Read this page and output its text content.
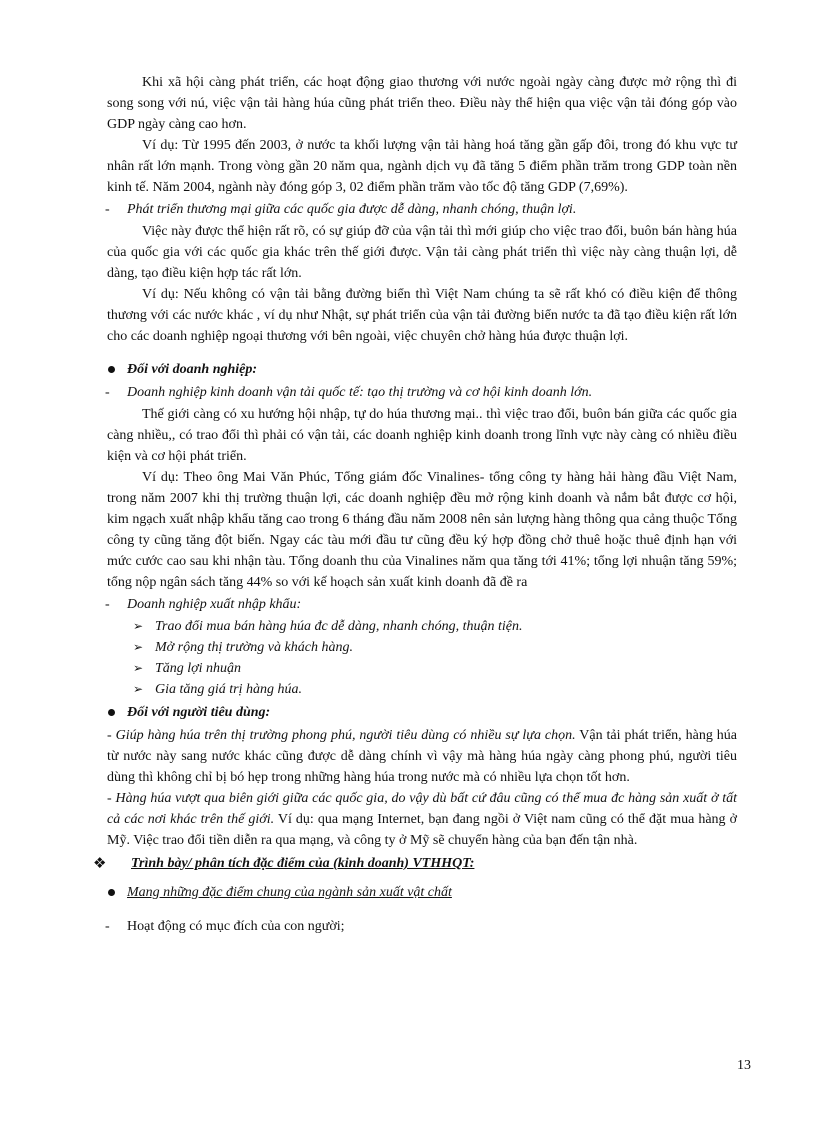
Khi xã hội càng phát triển, các hoạt động giao thương với nước ngoài ngày càng được mở rộng thì đi song song với nú, việc vận tải hàng húa cũng phát triển theo. Điều này thể hiện qua việc vận tải đóng góp vào GDP ngày càng cao hơn.

Ví dụ: Từ 1995 đến 2003, ở nước ta khối lượng vận tải hàng hoá tăng gần gấp đôi, trong đó khu vực tư nhân rất lớn mạnh. Trong vòng gần 20 năm qua, ngành dịch vụ đã tăng 5 điểm phần trăm trong GDP toàn nền kinh tế. Năm 2004, ngành này đóng góp 3, 02 điểm phần trăm vào tốc độ tăng GDP (7,69%).

- Phát triển thương mại giữa các quốc gia được dễ dàng, nhanh chóng, thuận lợi.

Việc này được thể hiện rất rõ, có sự giúp đỡ của vận tải thì mới giúp cho việc trao đổi, buôn bán hàng húa của quốc gia với các quốc gia khác trên thế giới được. Vận tải càng phát triển thì việc này càng thuận lợi, dễ dàng, tạo điều kiện hợp tác rất lớn.

Ví dụ: Nếu không có vận tải bằng đường biển thì Việt Nam chúng ta sẽ rất khó có điều kiện để thông thương với các nước khác , ví dụ như Nhật, sự phát triển của vận tải đường biển nước ta đã tạo điều kiện rất lớn cho các doanh nghiệp ngoại thương với bên ngoài, việc chuyên chở hàng húa được thuận lợi.

Đối với doanh nghiệp:
- Doanh nghiệp kinh doanh vận tải quốc tế: tạo thị trường và cơ hội kinh doanh lớn.

Thế giới càng có xu hướng hội nhập, tự do húa thương mại.. thì việc trao đổi, buôn bán giữa các quốc gia càng nhiều,, có trao đổi thì phải có vận tải, các doanh nghiệp kinh doanh trong lĩnh vực này càng có nhiều điều kiện và cơ hội phát triển.

Ví dụ: Theo ông Mai Văn Phúc, Tổng giám đốc Vinalines- tổng công ty hàng hải hàng đầu Việt Nam, trong năm 2007 khi thị trường thuận lợi, các doanh nghiệp đều mở rộng kinh doanh và nắm bắt được cơ hội, kim ngạch xuất nhập khẩu tăng cao trong 6 tháng đầu năm 2008 nên sản lượng hàng thông qua cảng thuộc Tổng công ty cũng tăng đột biến. Ngay các tàu mới đầu tư cũng đều ký hợp đồng chở thuê hoặc thuê định hạn với mức cước cao sau khi nhận tàu. Tổng doanh thu của Vinalines năm qua tăng tới 41%; tổng lợi nhuận tăng 59%; tổng nộp ngân sách tăng 44% so với kế hoạch sản xuất kinh doanh đã đề ra

- Doanh nghiệp xuất nhập khẩu:
➢ Trao đổi mua bán hàng húa đc dễ dàng, nhanh chóng, thuận tiện.
➢ Mở rộng thị trường và khách hàng.
➢ Tăng lợi nhuận
➢ Gia tăng giá trị hàng húa.
Đối với người tiêu dùng:

- Giúp hàng húa trên thị trường phong phú, người tiêu dùng có nhiều sự lựa chọn. Vận tải phát triển, hàng húa từ nước này sang nước khác cũng được dễ dàng chính vì vậy mà hàng húa ngày càng phong phú, người tiêu dùng thì không chỉ bị bó hẹp trong những hàng húa trong nước mà có nhiều lựa chọn tốt hơn.

- Hàng húa vượt qua biên giới giữa các quốc gia, do vậy dù bất cứ đâu cũng có thể mua đc hàng sản xuất ở tất cả các nơi khác trên thế giới. Ví dụ: qua mạng Internet, bạn đang ngồi ở Việt nam cũng có thể đặt mua hàng ở Mỹ. Việc trao đổi tiền diễn ra qua mạng, và công ty ở Mỹ sẽ chuyển hàng của bạn đến tận nhà.

❖ Trình bày/ phân tích đặc điểm của (kinh doanh) VTHHQT:
Mang những đặc điểm chung của ngành sản xuất vật chất
- Hoạt động có mục đích của con người;
13
